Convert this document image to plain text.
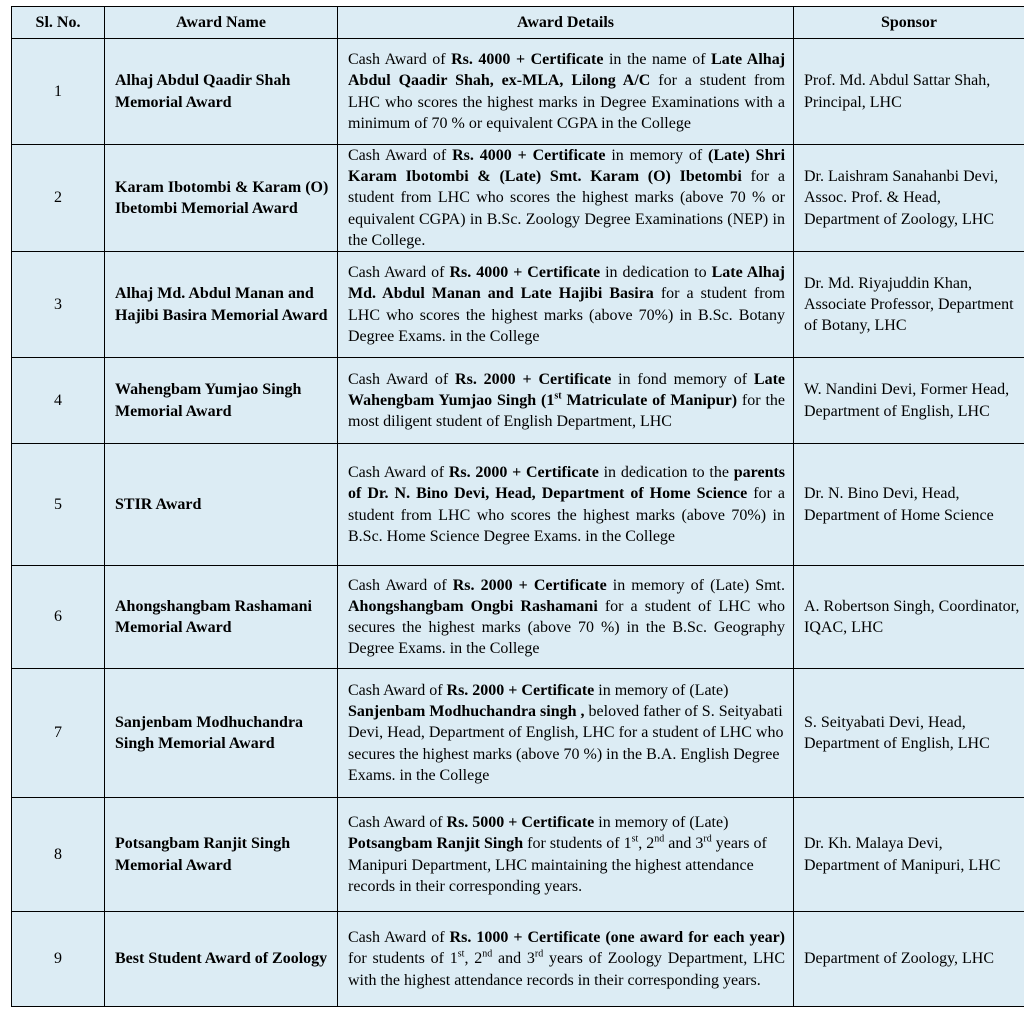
Sl. No.	Award Name	Award Details	Sponsor
1	Alhaj Abdul Qaadir Shah Memorial Award	Cash Award of Rs. 4000 + Certificate in the name of Late Alhaj Abdul Qaadir Shah, ex-MLA, Lilong A/C for a student from LHC who scores the highest marks in Degree Examinations with a minimum of 70 % or equivalent CGPA in the College	Prof. Md. Abdul Sattar Shah, Principal, LHC
2	Karam Ibotombi & Karam (O) Ibetombi Memorial Award	Cash Award of Rs. 4000 + Certificate in memory of (Late) Shri Karam Ibotombi & (Late) Smt. Karam (O) Ibetombi for a student from LHC who scores the highest marks (above 70 % or equivalent CGPA) in B.Sc. Zoology Degree Examinations (NEP) in the College.	Dr. Laishram Sanahanbi Devi, Assoc. Prof. & Head, Department of Zoology, LHC
3	Alhaj Md. Abdul Manan and Hajibi Basira Memorial Award	Cash Award of Rs. 4000 + Certificate in dedication to Late Alhaj Md. Abdul Manan and Late Hajibi Basira for a student from LHC who scores the highest marks (above 70%) in B.Sc. Botany Degree Exams. in the College	Dr. Md. Riyajuddin Khan, Associate Professor, Department of Botany, LHC
4	Wahengbam Yumjao Singh Memorial Award	Cash Award of Rs. 2000 + Certificate in fond memory of Late Wahengbam Yumjao Singh (1st Matriculate of Manipur) for the most diligent student of English Department, LHC	W. Nandini Devi, Former Head, Department of English, LHC
5	STIR Award	Cash Award of Rs. 2000 + Certificate in dedication to the parents of Dr. N. Bino Devi, Head, Department of Home Science for a student from LHC who scores the highest marks (above 70%) in B.Sc. Home Science Degree Exams. in the College	Dr. N. Bino Devi, Head, Department of Home Science
6	Ahongshangbam Rashamani Memorial Award	Cash Award of Rs. 2000 + Certificate in memory of (Late) Smt. Ahongshangbam Ongbi Rashamani for a student of LHC who secures the highest marks (above 70 %) in the B.Sc. Geography Degree Exams. in the College	A. Robertson Singh, Coordinator, IQAC, LHC
7	Sanjenbam Modhuchandra Singh Memorial Award	Cash Award of Rs. 2000 + Certificate in memory of (Late) Sanjenbam Modhuchandra singh , beloved father of S. Seityabati Devi, Head, Department of English, LHC for a student of LHC who secures the highest marks (above 70 %) in the B.A. English Degree Exams. in the College	S. Seityabati Devi, Head, Department of English, LHC
8	Potsangbam Ranjit Singh Memorial Award	Cash Award of Rs. 5000 + Certificate in memory of (Late) Potsangbam Ranjit Singh for students of 1st, 2nd and 3rd years of Manipuri Department, LHC maintaining the highest attendance records in their corresponding years.	Dr. Kh. Malaya Devi, Department of Manipuri, LHC
9	Best Student Award of Zoology	Cash Award of Rs. 1000 + Certificate (one award for each year) for students of 1st, 2nd and 3rd years of Zoology Department, LHC with the highest attendance records in their corresponding years.	Department of Zoology, LHC
